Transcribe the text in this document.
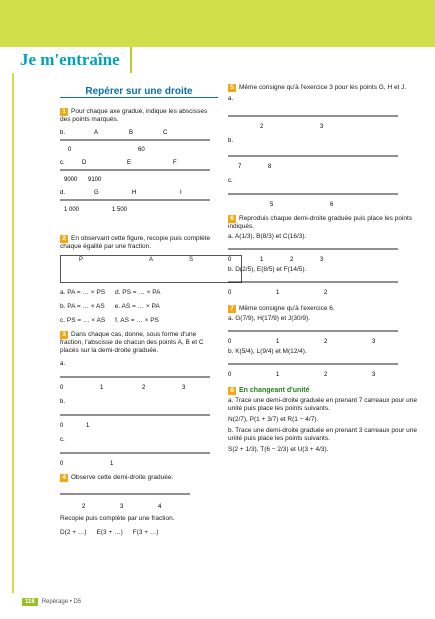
Je m'entraîne
Repérer sur une droite
1 Pour chaque axe gradué, indique les abscisses des points marqués.
b.	A	B	C
0	60
c.	D	E	F
9000 9100
d.	G	H	I
1 000	1 500
2 En observant cette figure, recopie puis complète chaque égalité par une fraction.
P	A	S
a. PA = … × PS d. PS = … × PA
b. PA = … × AS e. AS = … × PA
c. PS = … × AS f. AS = … × PS
3 Dans chaque cas, donne, sous forme d'une fraction, l'abscisse de chacun des points A, B et C placés sur la demi-droite graduée.
a.
0	1	2	3
b.
0	1
c.
0	1
4 Observe cette demi-droite graduée.
2	3	4
Recopie puis complète par une fraction.
D(2 + …) E(3 + …) F(3 + …)
5 Même consigne qu'à l'exercice 3 pour les points G, H et J.
a.
2	3
b.
7	8
c.
5	6
6 Reproduis chaque demi-droite graduée puis place les points indiqués.
a. A(1/3), B(8/3) et C(16/3).
0	1	2	3
b. D(2/5), E(8/5) et F(14/5).
0	1	2
7 Même consigne qu'à l'exercice 6.
a. G(7/9), H(17/9) et J(30/9).
0	1	2	3
b. K(5/4), L(9/4) et M(12/4).
0	1	2	3
8 En changeant d'unité
a. Trace une demi-droite graduée en prenant 7 carreaux pour une unité puis place les points suivants.
N(2/7), P(1 + 3/7) et R(1 − 4/7).
b. Trace une demi-droite graduée en prenant 3 carreaux pour une unité puis place les points suivants.
S(2 + 1/3), T(6 − 2/3) et U(3 + 4/3).
118 Repérage • D5
